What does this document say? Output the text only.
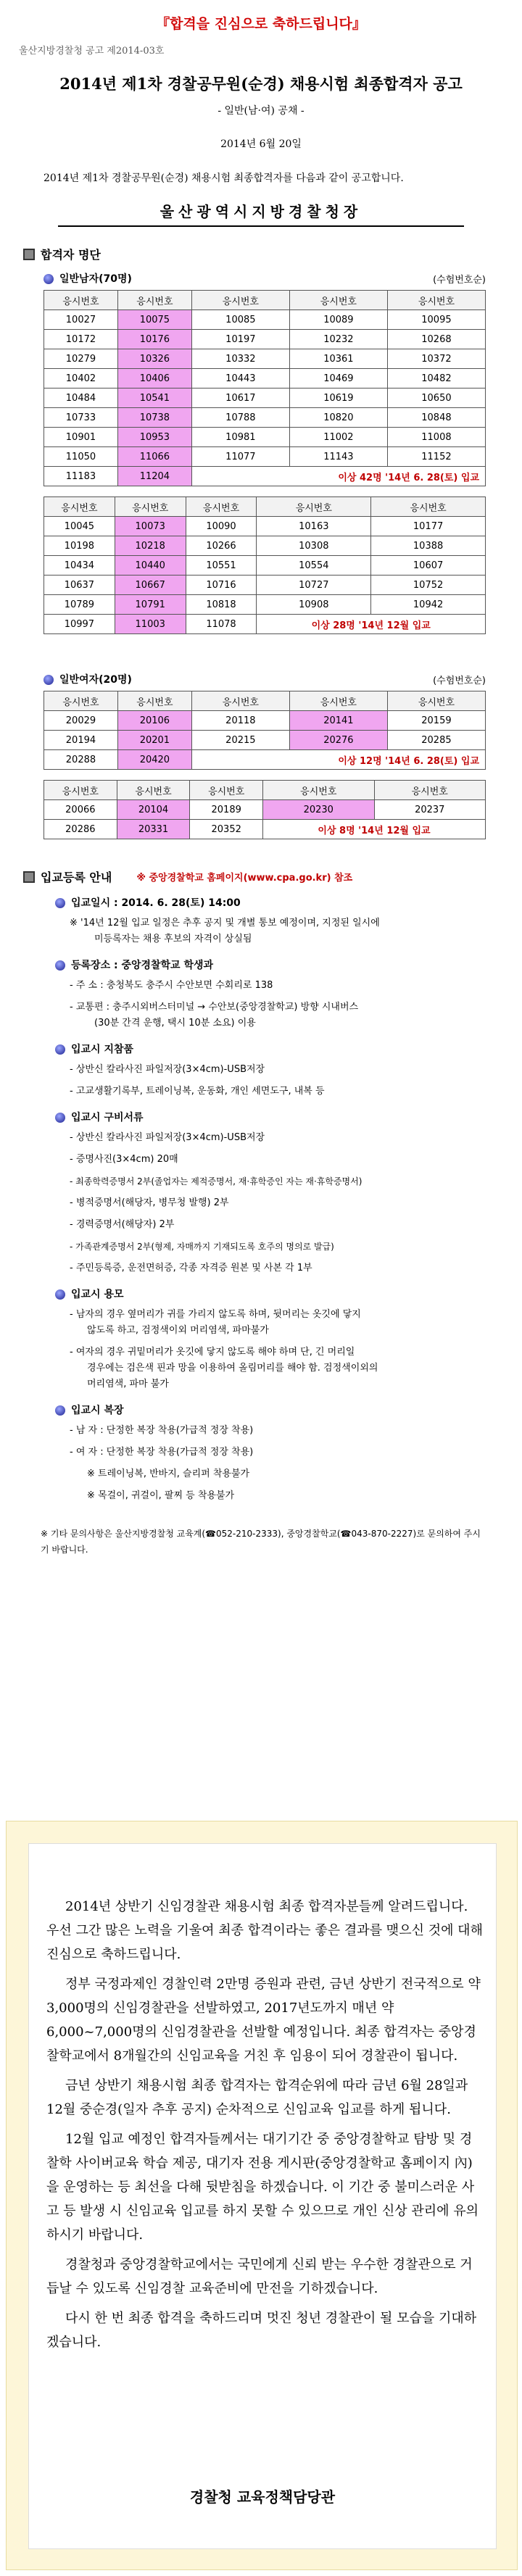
『합격을 진심으로 축하드립니다』
울산지방경찰청 공고 제2014-03호
2014년 제1차 경찰공무원(순경) 채용시험 최종합격자 공고
- 일반(남·여) 공채 -
2014년 6월 20일
2014년 제1차 경찰공무원(순경) 채용시험 최종합격자를 다음과 같이 공고합니다.
울산광역시지방경찰청장
합격자 명단
일반남자(70명)	(수험번호순)
응시번호	응시번호	응시번호	응시번호	응시번호
10027	10075	10085	10089	10095
10172	10176	10197	10232	10268
10279	10326	10332	10361	10372
10402	10406	10443	10469	10482
10484	10541	10617	10619	10650
10733	10738	10788	10820	10848
10901	10953	10981	11002	11008
11050	11066	11077	11143	11152
11183	11204	이상 42명 '14년 6. 28(토) 입교		
응시번호	응시번호	응시번호	응시번호	응시번호
10045	10073	10090	10163	10177
10198	10218	10266	10308	10388
10434	10440	10551	10554	10607
10637	10667	10716	10727	10752
10789	10791	10818	10908	10942
10997	11003	11078	이상 28명 '14년 12월 입교	
일반여자(20명)	(수험번호순)
응시번호	응시번호	응시번호	응시번호	응시번호
20029	20106	20118	20141	20159
20194	20201	20215	20276	20285
20288	20420	이상 12명 '14년 6. 28(토) 입교		
응시번호	응시번호	응시번호	응시번호	응시번호
20066	20104	20189	20230	20237
20286	20331	20352	이상 8명 '14년 12월 입교	
입교등록 안내	※ 중앙경찰학교 홈페이지(www.cpa.go.kr) 참조
입교일시 : 2014. 6. 28(토) 14:00
※ '14년 12월 입교 일정은 추후 공지 및 개별 통보 예정이며, 지정된 일시에
미등록자는 채용 후보의 자격이 상실됨
등록장소 : 중앙경찰학교 학생과
- 주 소 : 충청북도 충주시 수안보면 수회리로 138
- 교통편 : 충주시외버스터미널 → 수안보(중앙경찰학교) 방향 시내버스
(30분 간격 운행, 택시 10분 소요) 이용
입교시 지참품
- 상반신 칼라사진 파일저장(3×4cm)-USB저장
- 고교생활기록부, 트레이닝복, 운동화, 개인 세면도구, 내복 등
입교시 구비서류
- 상반신 칼라사진 파일저장(3×4cm)-USB저장
- 증명사진(3×4cm) 20매
- 최종학력증명서 2부(졸업자는 제적증명서, 재·휴학증인 자는 재·휴학증명서)
- 병적증명서(해당자, 병무청 발행) 2부
- 경력증명서(해당자) 2부
- 가족관계증명서 2부(형제, 자매까지 기재되도록 호주의 명의로 발급)
- 주민등록증, 운전면허증, 각종 자격증 원본 및 사본 각 1부
입교시 용모
- 남자의 경우 옆머리가 귀를 가리지 않도록 하며, 뒷머리는 옷깃에 닿지
않도록 하고, 검정색이외 머리염색, 파마불가
- 여자의 경우 귀밑머리가 옷깃에 닿지 않도록 해야 하며 단, 긴 머리일
경우에는 검은색 핀과 망을 이용하여 올림머리를 해야 함. 검정색이외의
머리염색, 파마 불가
입교시 복장
- 남 자 : 단정한 복장 착용(가급적 정장 착용)
- 여 자 : 단정한 복장 착용(가급적 정장 착용)
※ 트레이닝복, 반바지, 슬리퍼 착용불가
※ 목걸이, 귀걸이, 팔찌 등 착용불가
※ 기타 문의사항은 울산지방경찰청 교육계(☎052-210-2333), 중앙경찰학교(☎043-870-2227)로 문의하여 주시기 바랍니다.

2014년 상반기 신임경찰관 채용시험 최종 합격자분들께 알려드립니다. 우선 그간 많은 노력을 기울여 최종 합격이라는 좋은 결과를 맺으신 것에 대해 진심으로 축하드립니다.

정부 국정과제인 경찰인력 2만명 증원과 관련, 금년 상반기 전국적으로 약 3,000명의 신임경찰관을 선발하였고, 2017년도까지 매년 약 6,000~7,000명의 신임경찰관을 선발할 예정입니다. 최종 합격자는 중앙경찰학교에서 8개월간의 신임교육을 거친 후 임용이 되어 경찰관이 됩니다.

금년 상반기 채용시험 최종 합격자는 합격순위에 따라 금년 6월 28일과 12월 중순경(일자 추후 공지) 순차적으로 신임교육 입교를 하게 됩니다.

12월 입교 예정인 합격자들께서는 대기기간 중 중앙경찰학교 탐방 및 경찰학 사이버교육 학습 제공, 대기자 전용 게시판(중앙경찰학교 홈페이지 內)을 운영하는 등 최선을 다해 뒷받침을 하겠습니다. 이 기간 중 불미스러운 사고 등 발생 시 신임교육 입교를 하지 못할 수 있으므로 개인 신상 관리에 유의하시기 바랍니다.

경찰청과 중앙경찰학교에서는 국민에게 신뢰 받는 우수한 경찰관으로 거듭날 수 있도록 신임경찰 교육준비에 만전을 기하겠습니다.

다시 한 번 최종 합격을 축하드리며 멋진 청년 경찰관이 될 모습을 기대하겠습니다.

경찰청 교육정책담당관
